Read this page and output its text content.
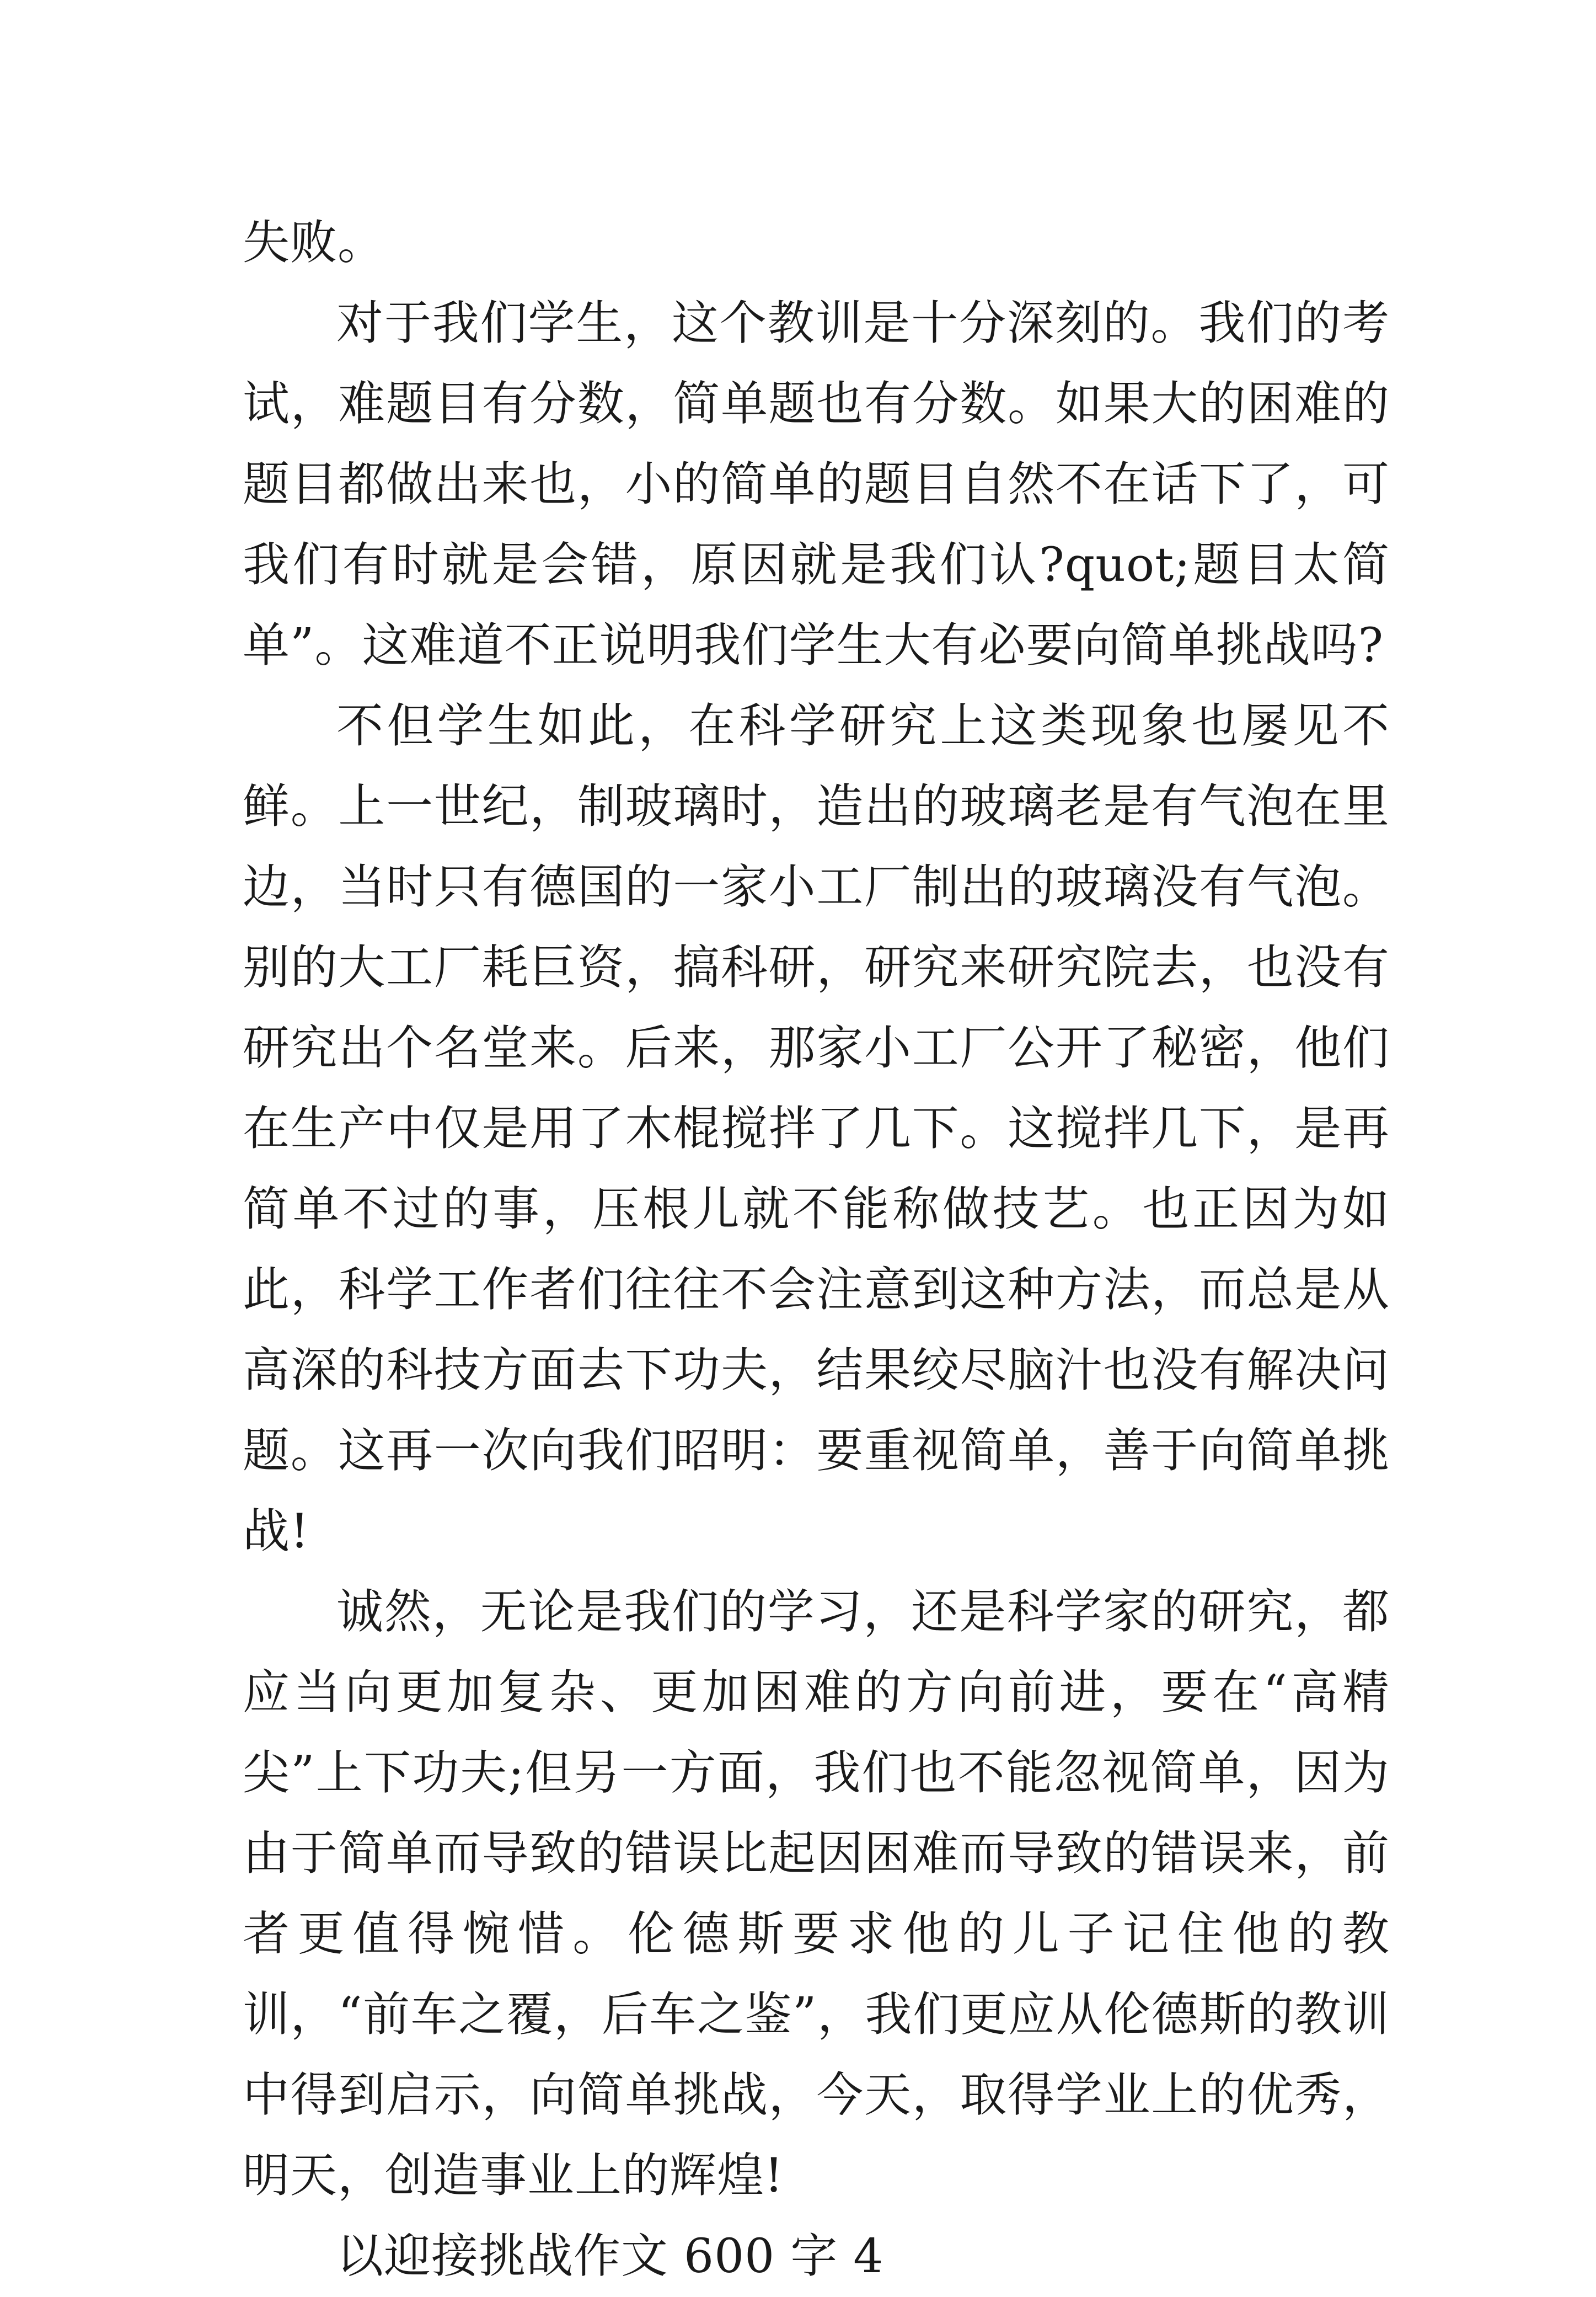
失败。

对于我们学生，这个教训是十分深刻的。我们的考试，难题目有分数，简单题也有分数。如果大的困难的题目都做出来也，小的简单的题目自然不在话下了，可我们有时就是会错，原因就是我们认?quot;题目太简单”。这难道不正说明我们学生大有必要向简单挑战吗?

不但学生如此，在科学研究上这类现象也屡见不鲜。上一世纪，制玻璃时，造出的玻璃老是有气泡在里边，当时只有德国的一家小工厂制出的玻璃没有气泡。别的大工厂耗巨资，搞科研，研究来研究院去，也没有研究出个名堂来。后来，那家小工厂公开了秘密，他们在生产中仅是用了木棍搅拌了几下。这搅拌几下，是再简单不过的事，压根儿就不能称做技艺。也正因为如此，科学工作者们往往不会注意到这种方法，而总是从高深的科技方面去下功夫，结果绞尽脑汁也没有解决问题。这再一次向我们昭明：要重视简单，善于向简单挑战!

诚然，无论是我们的学习，还是科学家的研究，都应当向更加复杂、更加困难的方向前进，要在“高精尖”上下功夫;但另一方面，我们也不能忽视简单，因为由于简单而导致的错误比起因困难而导致的错误来，前者更值得惋惜。伦德斯要求他的儿子记住他的教训，“前车之覆，后车之鉴”，我们更应从伦德斯的教训中得到启示，向简单挑战，今天，取得学业上的优秀，明天，创造事业上的辉煌!

以迎接挑战作文 600 字 4
